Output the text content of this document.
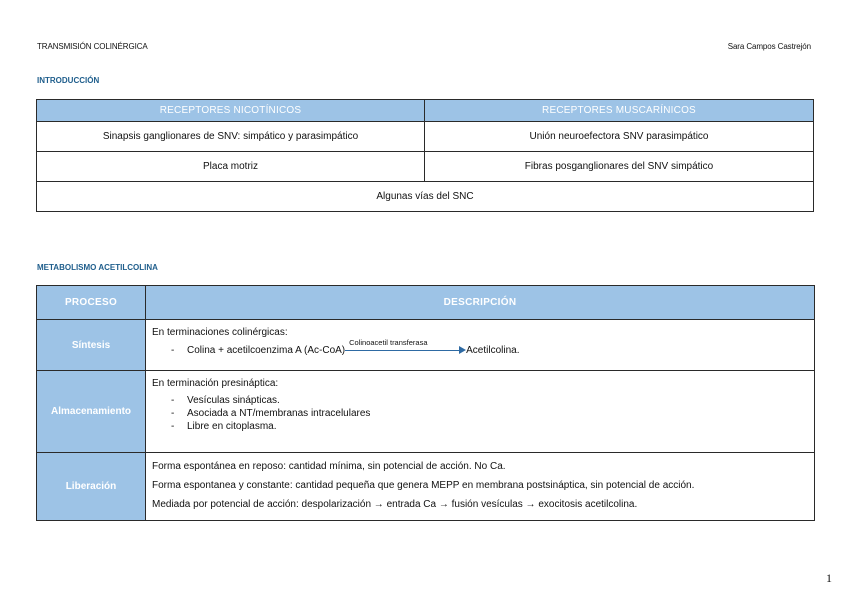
TRANSMISIÓN COLINÉRGICA	Sara Campos Castrejón
INTRODUCCIÓN
RECEPTORES NICOTÍNICOS	RECEPTORES MUSCARÍNICOS
Sinapsis ganglionares de SNV: simpático y parasimpático	Unión neuroefectora SNV parasimpático
Placa motriz	Fibras posganglionares del SNV simpático
Algunas vías del SNC	
METABOLISMO ACETILCOLINA
PROCESO	DESCRIPCIÓN
Síntesis	En terminaciones colinérgicas:
- Colina + acetilcoenzima A (Ac-CoA)
Colinoacetil transferasa
Acetilcolina.

Almacenamiento	En terminación presináptica:
- Vesículas sinápticas.
- Asociada a NT/membranas intracelulares
- Libre en citoplasma.

Liberación	Forma espontánea en reposo: cantidad mínima, sin potencial de acción. No Ca.
Forma espontanea y constante: cantidad pequeña que genera MEPP en membrana postsináptica, sin potencial de acción.
Mediada por potencial de acción: despolarización → entrada Ca → fusión vesículas → exocitosis acetilcolina.
1
